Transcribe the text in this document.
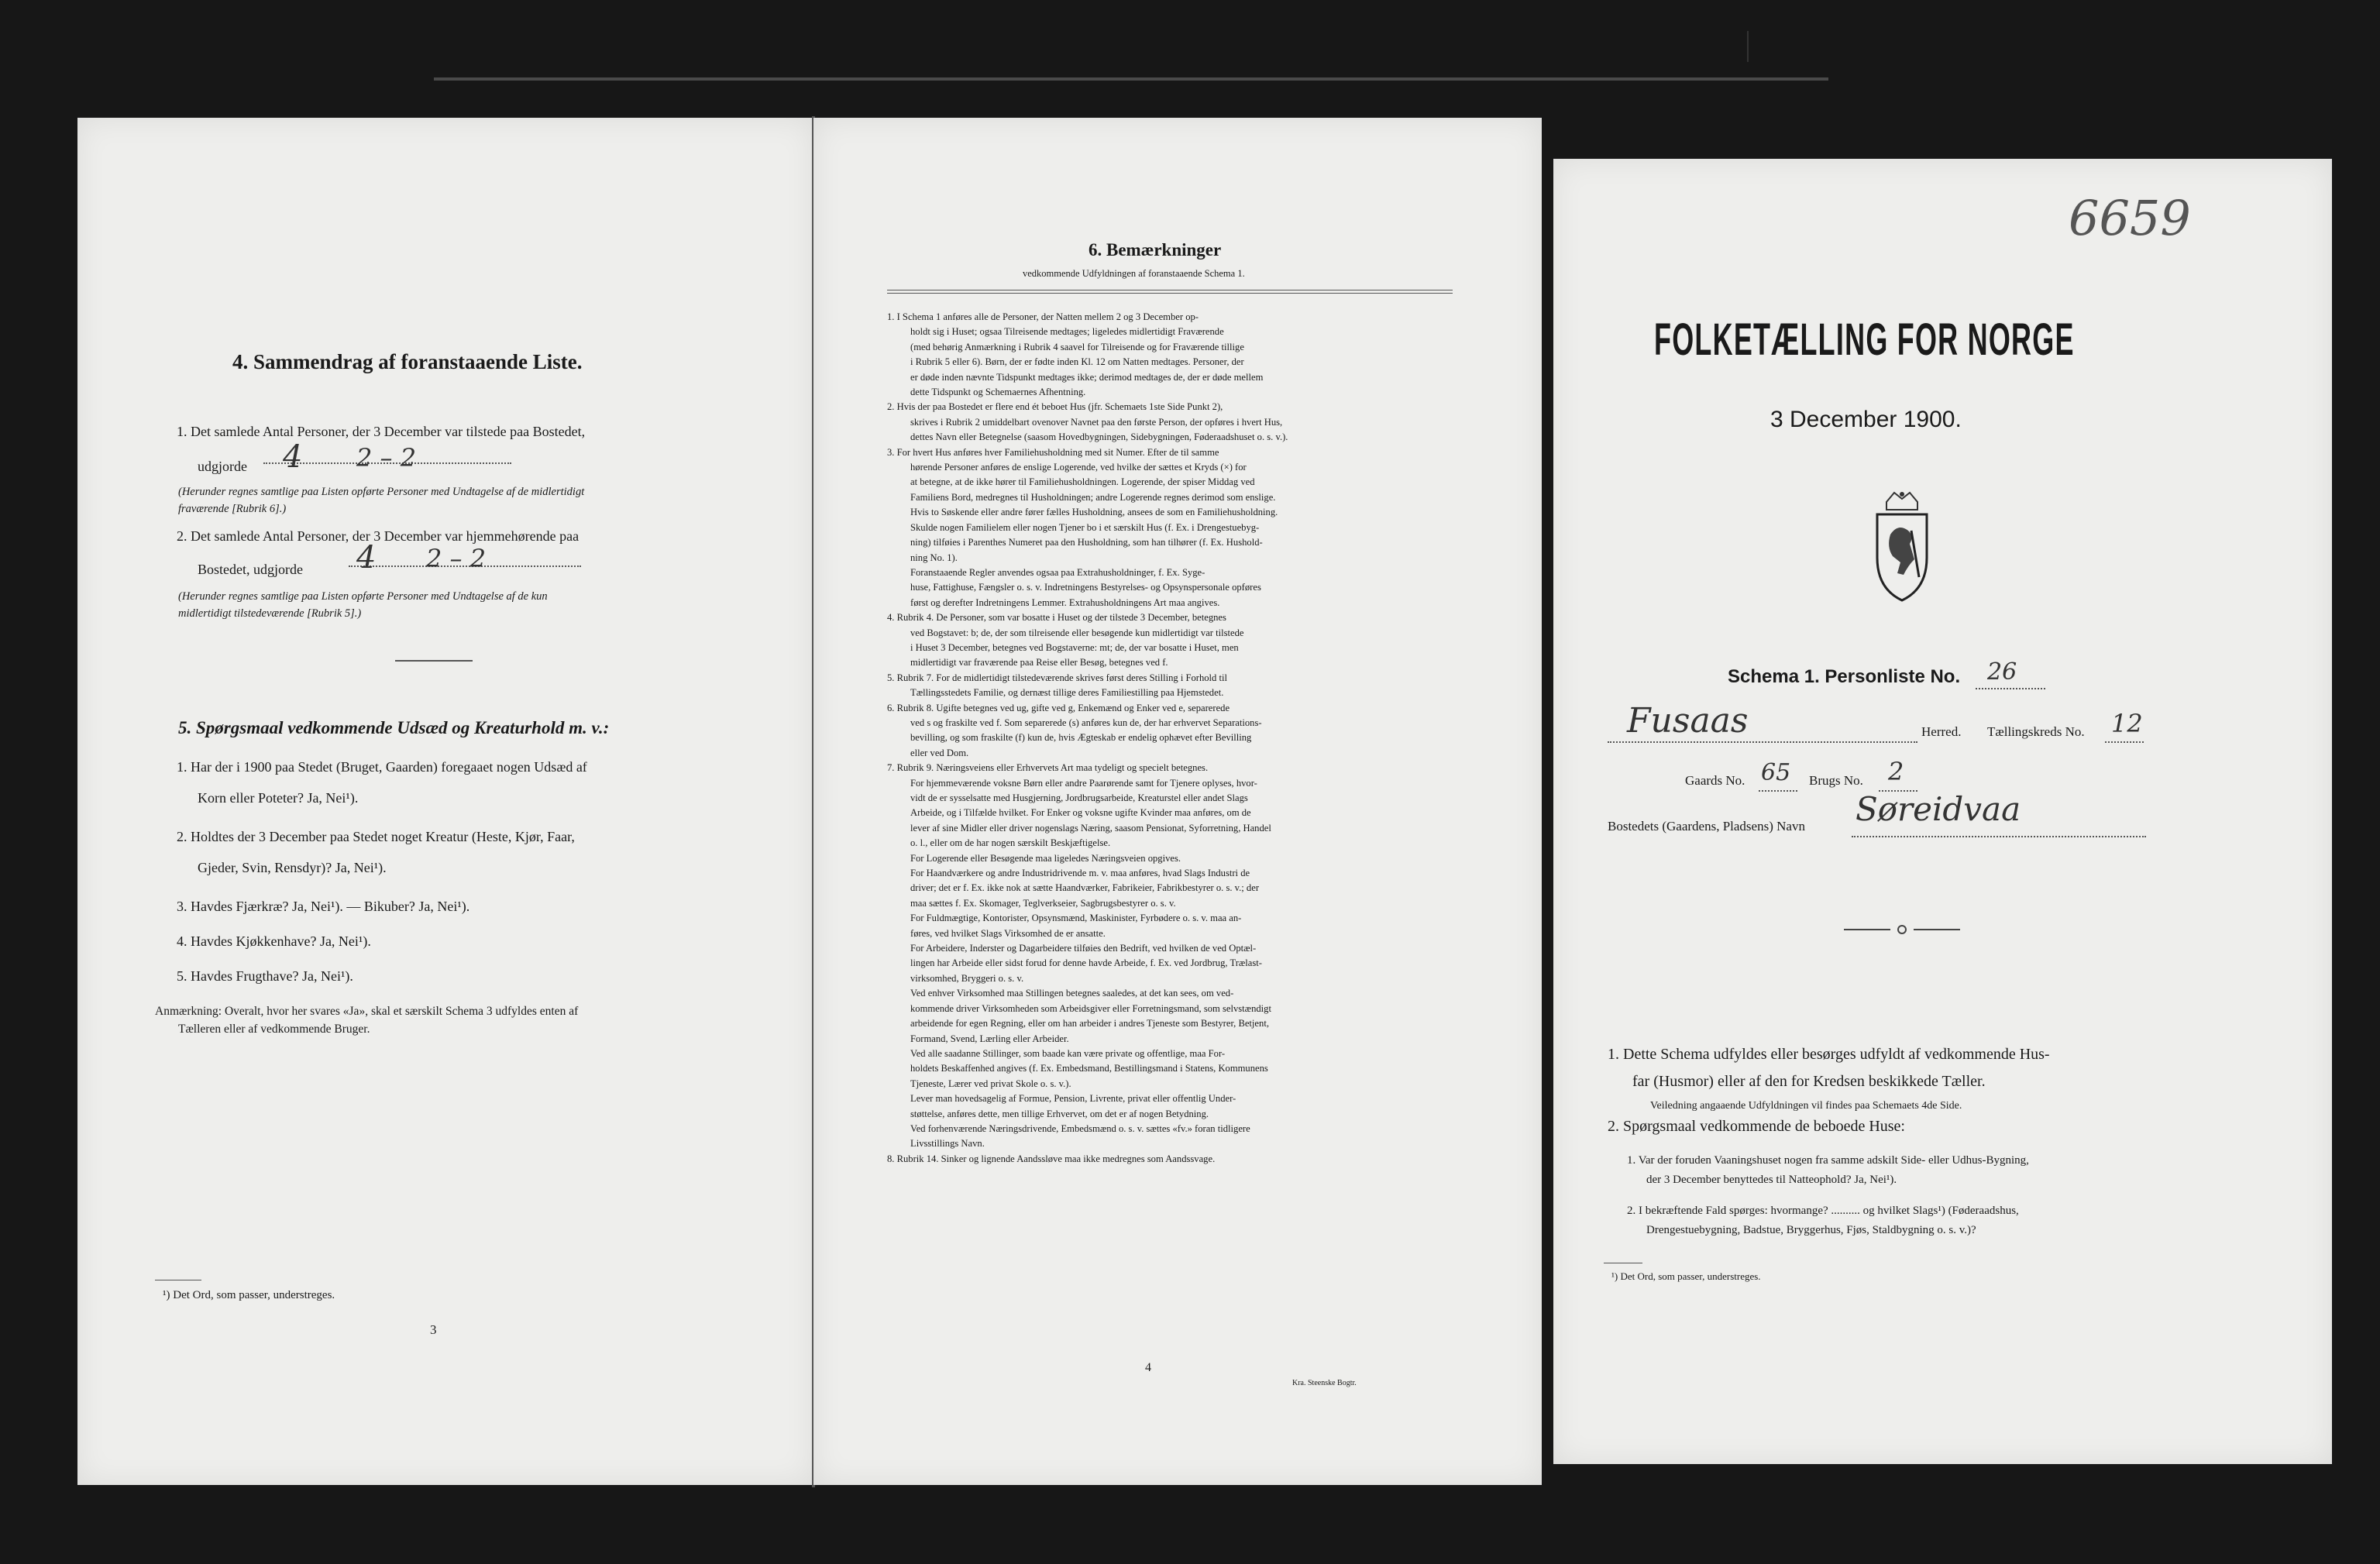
4. Sammendrag af foranstaaende Liste.
1. Det samlede Antal Personer, der 3 December var tilstede paa Bostedet,
udgjorde 4 2 – 2
(Herunder regnes samtlige paa Listen opførte Personer med Undtagelse af de midlertidigt
fraværende [Rubrik 6].)
2. Det samlede Antal Personer, der 3 December var hjemmehørende paa
Bostedet, udgjorde 4 2 – 2
(Herunder regnes samtlige paa Listen opførte Personer med Undtagelse af de kun
midlertidigt tilstedeværende [Rubrik 5].)
5. Spørgsmaal vedkommende Udsæd og Kreaturhold m. v.:
1. Har der i 1900 paa Stedet (Bruget, Gaarden) foregaaet nogen Udsæd af
Korn eller Poteter? Ja, Nei¹).
2. Holdtes der 3 December paa Stedet noget Kreatur (Heste, Kjør, Faar,
Gjeder, Svin, Rensdyr)? Ja, Nei¹).
3. Havdes Fjærkræ? Ja, Nei¹). — Bikuber? Ja, Nei¹).
4. Havdes Kjøkkenhave? Ja, Nei¹).
5. Havdes Frugthave? Ja, Nei¹).
Anmærkning: Overalt, hvor her svares «Ja», skal et særskilt Schema 3 udfyldes enten af
Tælleren eller af vedkommende Bruger.
¹) Det Ord, som passer, understreges.
3
6. Bemærkninger
vedkommende Udfyldningen af foranstaaende Schema 1.

1. I Schema 1 anføres alle de Personer, der Natten mellem 2 og 3 December op-

holdt sig i Huset; ogsaa Tilreisende medtages; ligeledes midlertidigt Fraværende

(med behørig Anmærkning i Rubrik 4 saavel for Tilreisende og for Fraværende tillige

i Rubrik 5 eller 6). Børn, der er fødte inden Kl. 12 om Natten medtages. Personer, der

er døde inden nævnte Tidspunkt medtages ikke; derimod medtages de, der er døde mellem

dette Tidspunkt og Schemaernes Afhentning.

2. Hvis der paa Bostedet er flere end ét beboet Hus (jfr. Schemaets 1ste Side Punkt 2),

skrives i Rubrik 2 umiddelbart ovenover Navnet paa den første Person, der opføres i hvert Hus,

dettes Navn eller Betegnelse (saasom Hovedbygningen, Sidebygningen, Føderaadshuset o. s. v.).

3. For hvert Hus anføres hver Familiehusholdning med sit Numer. Efter de til samme

hørende Personer anføres de enslige Logerende, ved hvilke der sættes et Kryds (×) for

at betegne, at de ikke hører til Familiehusholdningen. Logerende, der spiser Middag ved

Familiens Bord, medregnes til Husholdningen; andre Logerende regnes derimod som enslige.

Hvis to Søskende eller andre fører fælles Husholdning, ansees de som en Familiehusholdning.

Skulde nogen Familielem eller nogen Tjener bo i et særskilt Hus (f. Ex. i Drengestuebyg-

ning) tilføies i Parenthes Numeret paa den Husholdning, som han tilhører (f. Ex. Hushold-

ning No. 1).

Foranstaaende Regler anvendes ogsaa paa Extrahusholdninger, f. Ex. Syge-

huse, Fattighuse, Fængsler o. s. v. Indretningens Bestyrelses- og Opsynspersonale opføres

først og derefter Indretningens Lemmer. Extrahusholdningens Art maa angives.

4. Rubrik 4. De Personer, som var bosatte i Huset og der tilstede 3 December, betegnes

ved Bogstavet: b; de, der som tilreisende eller besøgende kun midlertidigt var tilstede

i Huset 3 December, betegnes ved Bogstaverne: mt; de, der var bosatte i Huset, men

midlertidigt var fraværende paa Reise eller Besøg, betegnes ved f.

5. Rubrik 7. For de midlertidigt tilstedeværende skrives først deres Stilling i Forhold til

Tællingsstedets Familie, og dernæst tillige deres Familiestilling paa Hjemstedet.

6. Rubrik 8. Ugifte betegnes ved ug, gifte ved g, Enkemænd og Enker ved e, separerede

ved s og fraskilte ved f. Som separerede (s) anføres kun de, der har erhvervet Separations-

bevilling, og som fraskilte (f) kun de, hvis Ægteskab er endelig ophævet efter Bevilling

eller ved Dom.

7. Rubrik 9. Næringsveiens eller Erhvervets Art maa tydeligt og specielt betegnes.

For hjemmeværende voksne Børn eller andre Paarørende samt for Tjenere oplyses, hvor-

vidt de er sysselsatte med Husgjerning, Jordbrugsarbeide, Kreaturstel eller andet Slags

Arbeide, og i Tilfælde hvilket. For Enker og voksne ugifte Kvinder maa anføres, om de

lever af sine Midler eller driver nogenslags Næring, saasom Pensionat, Syforretning, Handel

o. l., eller om de har nogen særskilt Beskjæftigelse.

For Logerende eller Besøgende maa ligeledes Næringsveien opgives.

For Haandværkere og andre Industridrivende m. v. maa anføres, hvad Slags Industri de

driver; det er f. Ex. ikke nok at sætte Haandværker, Fabrikeier, Fabrikbestyrer o. s. v.; der

maa sættes f. Ex. Skomager, Teglverkseier, Sagbrugsbestyrer o. s. v.

For Fuldmægtige, Kontorister, Opsynsmænd, Maskinister, Fyrbødere o. s. v. maa an-

føres, ved hvilket Slags Virksomhed de er ansatte.

For Arbeidere, Inderster og Dagarbeidere tilføies den Bedrift, ved hvilken de ved Optæl-

lingen har Arbeide eller sidst forud for denne havde Arbeide, f. Ex. ved Jordbrug, Trælast-

virksomhed, Bryggeri o. s. v.

Ved enhver Virksomhed maa Stillingen betegnes saaledes, at det kan sees, om ved-

kommende driver Virksomheden som Arbeidsgiver eller Forretningsmand, som selvstændigt

arbeidende for egen Regning, eller om han arbeider i andres Tjeneste som Bestyrer, Betjent,

Formand, Svend, Lærling eller Arbeider.

Ved alle saadanne Stillinger, som baade kan være private og offentlige, maa For-

holdets Beskaffenhed angives (f. Ex. Embedsmand, Bestillingsmand i Statens, Kommunens

Tjeneste, Lærer ved privat Skole o. s. v.).

Lever man hovedsagelig af Formue, Pension, Livrente, privat eller offentlig Under-

støttelse, anføres dette, men tillige Erhvervet, om det er af nogen Betydning.

Ved forhenværende Næringsdrivende, Embedsmænd o. s. v. sættes «fv.» foran tidligere

Livsstillings Navn.

8. Rubrik 14. Sinker og lignende Aandssløve maa ikke medregnes som Aandssvage.

4
Kra. Steenske Bogtr.
6659
FOLKETÆLLING FOR NORGE
3 December 1900.
Schema 1. Personliste No. 26
Fusaas	Herred. Tællingskreds No. 12
Gaards No. 65 Brugs No. 2
Bostedets (Gaardens, Pladsens) Navn Søreidvaa
1. Dette Schema udfyldes eller besørges udfyldt af vedkommende Hus-
far (Husmor) eller af den for Kredsen beskikkede Tæller.
Veiledning angaaende Udfyldningen vil findes paa Schemaets 4de Side.
2. Spørgsmaal vedkommende de beboede Huse:
1. Var der foruden Vaaningshuset nogen fra samme adskilt Side- eller Udhus-Bygning,
der 3 December benyttedes til Natteophold? Ja, Nei¹).
2. I bekræftende Fald spørges: hvormange? .......... og hvilket Slags¹) (Føderaadshus,
Drengestuebygning, Badstue, Bryggerhus, Fjøs, Staldbygning o. s. v.)?
¹) Det Ord, som passer, understreges.
